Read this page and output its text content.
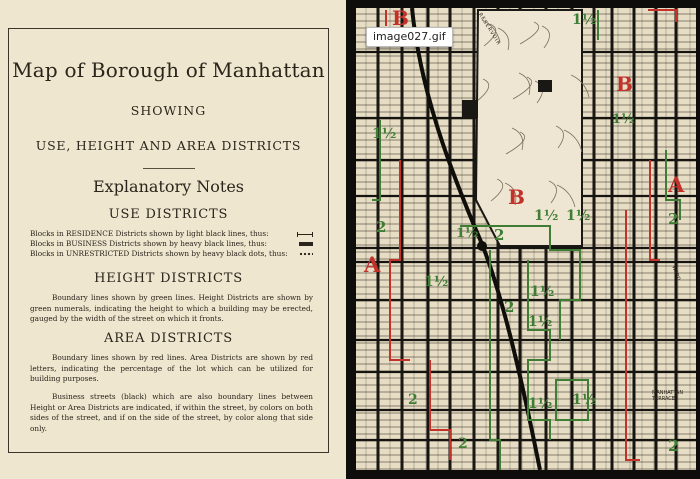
Map of Borough of Manhattan
SHOWING
USE, HEIGHT AND AREA DISTRICTS
Explanatory Notes
USE DISTRICTS
Blocks in RESIDENCE Districts shown by light black lines, thus:
Blocks in BUSINESS Districts shown by heavy black lines, thus:
Blocks in UNRESTRICTED Districts shown by heavy black dots, thus:
HEIGHT DISTRICTS
Boundary lines shown by green lines. Height Districts are shown by green numerals, indicating the height to which a building may be erected, gauged by the width of the street on which it fronts.
AREA DISTRICTS
Boundary lines shown by red lines. Area Districts are shown by red letters, indicating the percentage of the lot which can be utilized for building purposes.
Business streets (black) which are also boundary lines between Height or Area Districts are indicated, if within the street, by colors on both sides of the street, and if on the side of the street, by color along that side only.
image027.gif
B
B
B
A
A
1½
1½
2
1½ 1½
2
1½
2
1½
1½
2
1½
1½
1½
2
2
1½
2
RESERVOIR
MANHATTAN TERRACE
WARD
